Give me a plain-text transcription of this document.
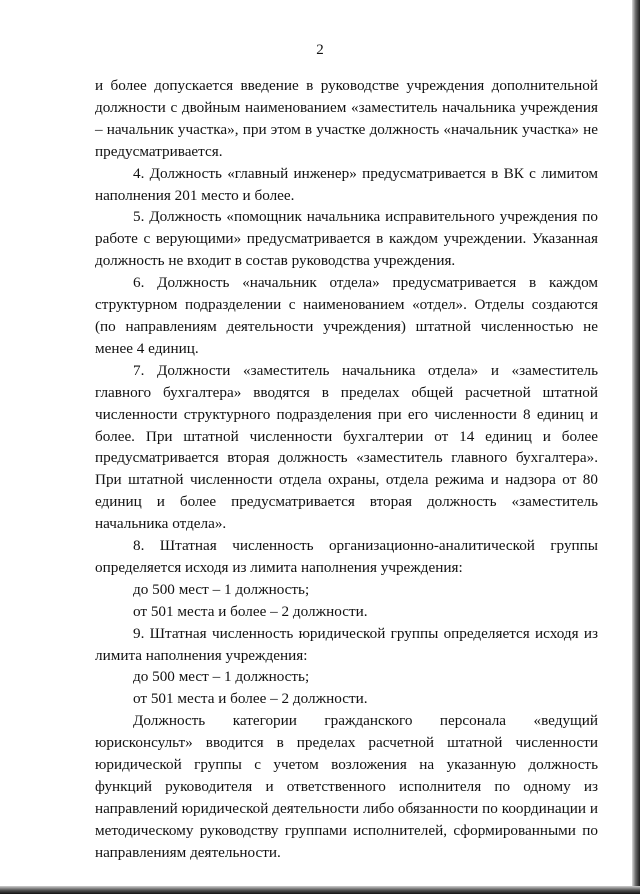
2

и более допускается введение в руководстве учреждения дополнительной должности с двойным наименованием «заместитель начальника учреждения – начальник участка», при этом в участке должность «начальник участка» не предусматривается.

4. Должность «главный инженер» предусматривается в ВК с лимитом наполнения 201 место и более.

5. Должность «помощник начальника исправительного учреждения по работе с верующими» предусматривается в каждом учреждении. Указанная должность не входит в состав руководства учреждения.

6. Должность «начальник отдела» предусматривается в каждом структурном подразделении с наименованием «отдел». Отделы создаются (по направлениям деятельности учреждения) штатной численностью не менее 4 единиц.

7. Должности «заместитель начальника отдела» и «заместитель главного бухгалтера» вводятся в пределах общей расчетной штатной численности структурного подразделения при его численности 8 единиц и более. При штатной численности бухгалтерии от 14 единиц и более предусматривается вторая должность «заместитель главного бухгалтера». При штатной численности отдела охраны, отдела режима и надзора от 80 единиц и более предусматривается вторая должность «заместитель начальника отдела».

8. Штатная численность организационно-аналитической группы определяется исходя из лимита наполнения учреждения:

до 500 мест – 1 должность;

от 501 места и более – 2 должности.

9. Штатная численность юридической группы определяется исходя из лимита наполнения учреждения:

до 500 мест – 1 должность;

от 501 места и более – 2 должности.

Должность категории гражданского персонала «ведущий юрисконсульт» вводится в пределах расчетной штатной численности юридической группы с учетом возложения на указанную должность функций руководителя и ответственного исполнителя по одному из направлений юридической деятельности либо обязанности по координации и методическому руководству группами исполнителей, сформированными по направлениям деятельности.
